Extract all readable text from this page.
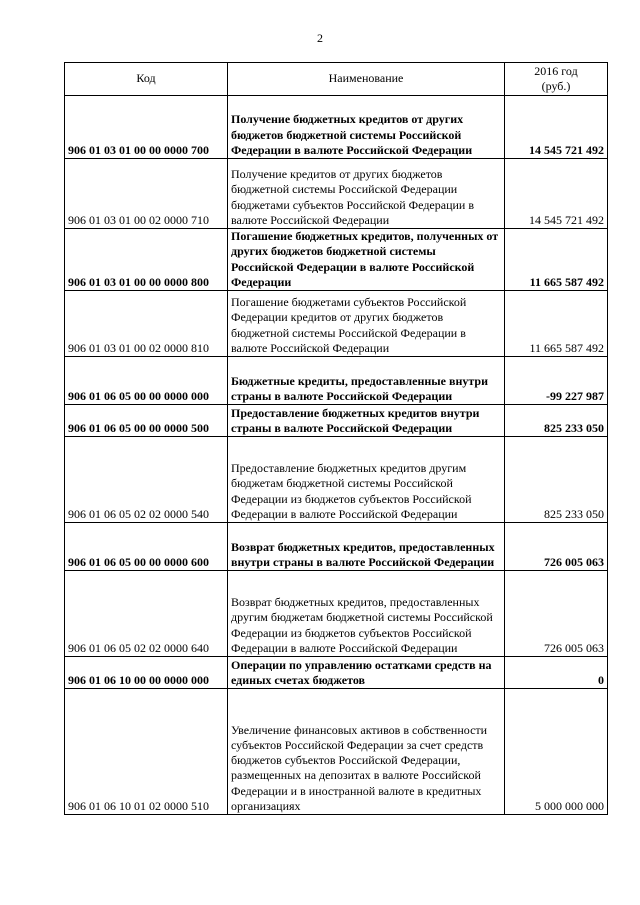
2
Код	Наименование	2016 год
(руб.)

906 01 03 01 00 00 0000 700	Получение бюджетных кредитов от других бюджетов бюджетной системы Российской Федерации в валюте Российской Федерации	14 545 721 492
906 01 03 01 00 02 0000 710	Получение кредитов от других бюджетов бюджетной системы Российской Федерации бюджетами субъектов Российской Федерации в валюте Российской Федерации	14 545 721 492
906 01 03 01 00 00 0000 800	Погашение бюджетных кредитов, полученных от других бюджетов бюджетной системы Российской Федерации в валюте Российской Федерации	11 665 587 492
906 01 03 01 00 02 0000 810	Погашение бюджетами субъектов Российской Федерации кредитов от других бюджетов бюджетной системы Российской Федерации в валюте Российской Федерации	11 665 587 492
906 01 06 05 00 00 0000 000	Бюджетные кредиты, предоставленные внутри страны в валюте Российской Федерации	-99 227 987
906 01 06 05 00 00 0000 500	Предоставление бюджетных кредитов внутри страны в валюте Российской Федерации	825 233 050
906 01 06 05 02 02 0000 540	Предоставление бюджетных кредитов другим бюджетам бюджетной системы Российской Федерации из бюджетов субъектов Российской Федерации в валюте Российской Федерации	825 233 050
906 01 06 05 00 00 0000 600	Возврат бюджетных кредитов, предоставленных внутри страны в валюте Российской Федерации	726 005 063
906 01 06 05 02 02 0000 640	Возврат бюджетных кредитов, предоставленных другим бюджетам бюджетной системы Российской Федерации из бюджетов субъектов Российской Федерации в валюте Российской Федерации	726 005 063
906 01 06 10 00 00 0000 000	Операции по управлению остатками средств на единых счетах бюджетов	0
906 01 06 10 01 02 0000 510	Увеличение финансовых активов в собственности субъектов Российской Федерации за счет средств бюджетов субъектов Российской Федерации, размещенных на депозитах в валюте Российской Федерации и в иностранной валюте в кредитных организациях	5 000 000 000
